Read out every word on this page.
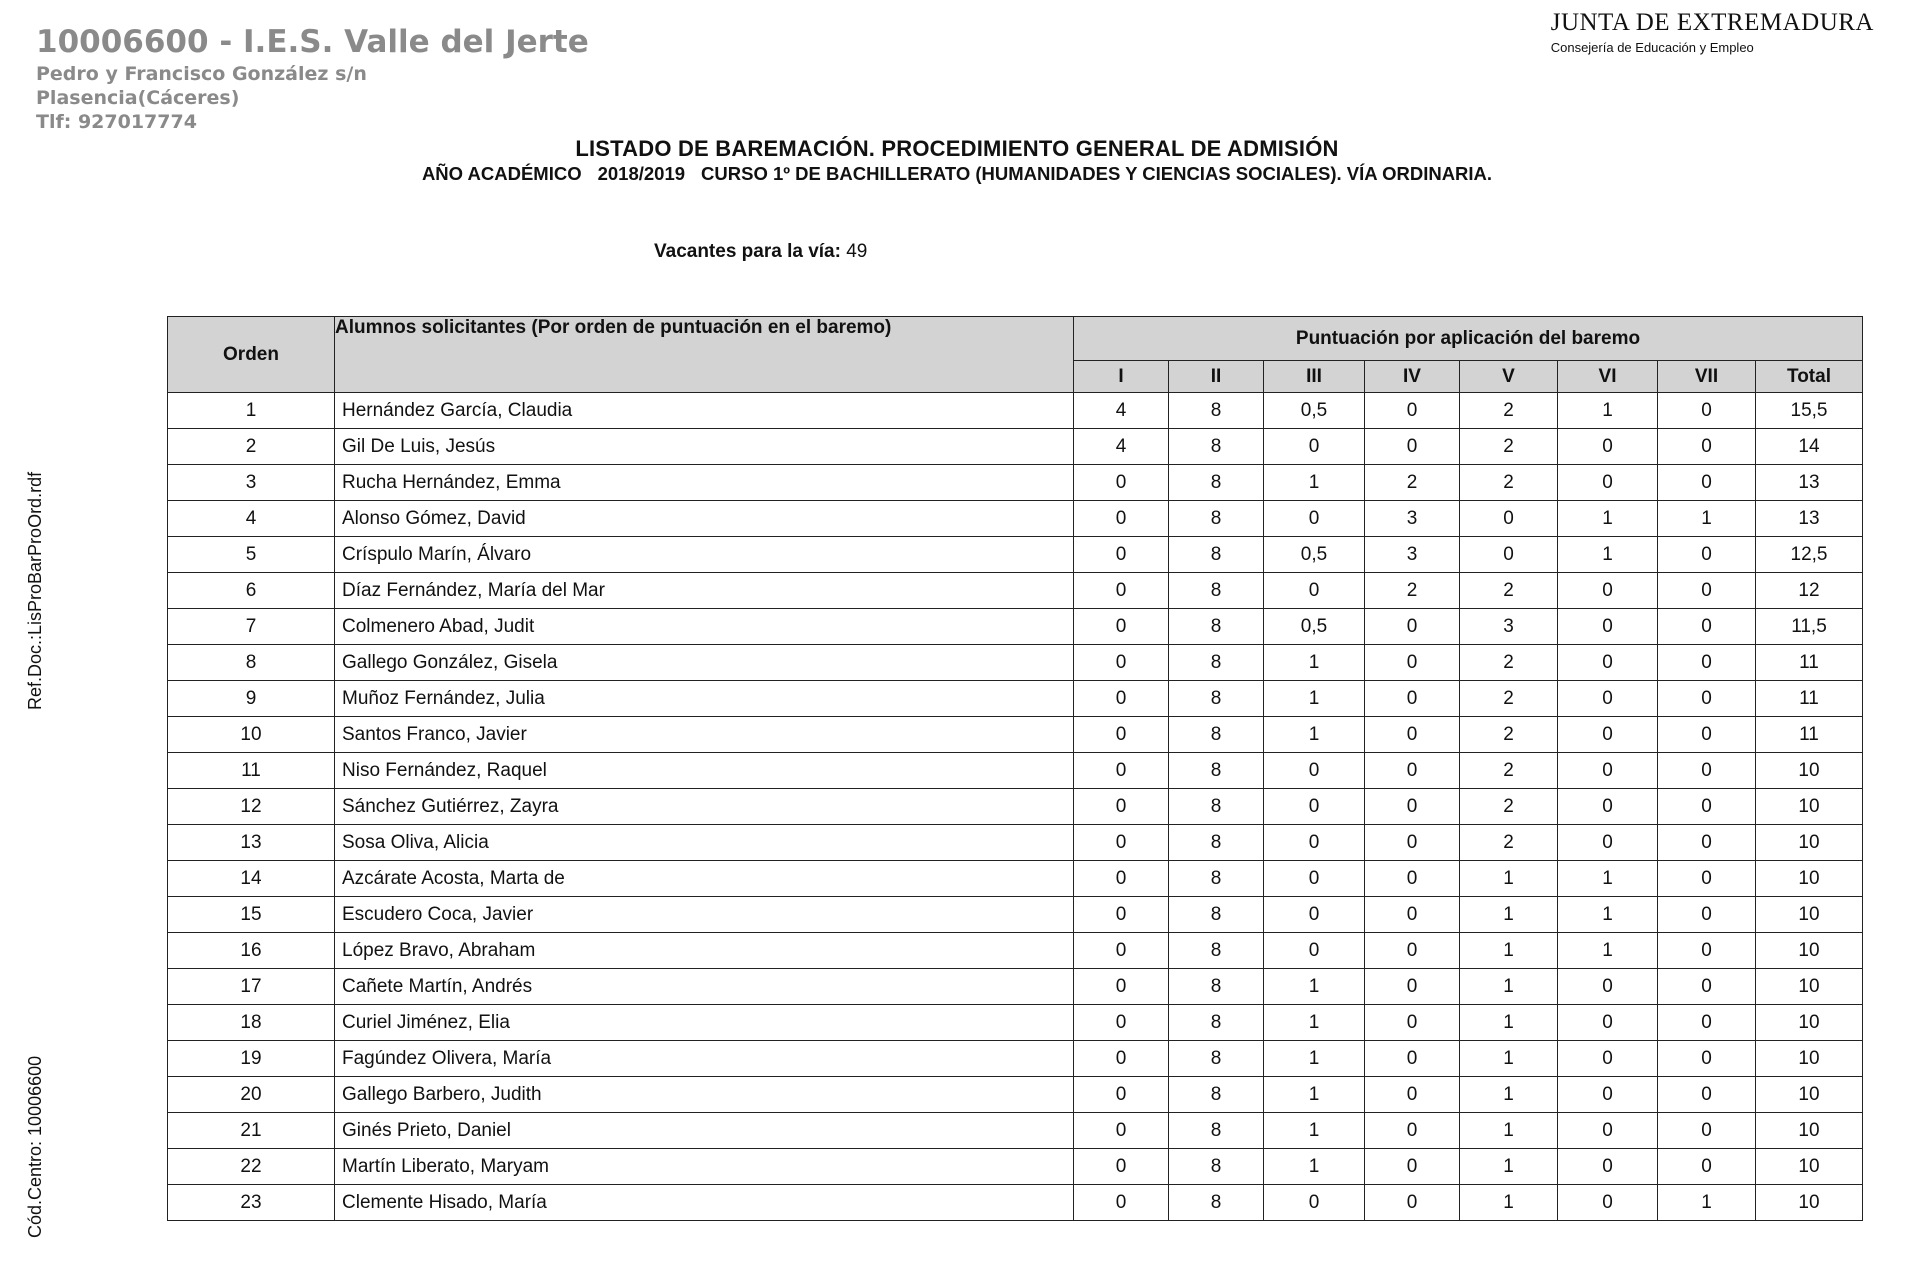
10006600 - I.E.S. Valle del Jerte
Pedro y Francisco González s/n
Plasencia(Cáceres)
Tlf: 927017774
JUNTA DE EXTREMADURA
Consejería de Educación y Empleo
LISTADO DE BAREMACIÓN. PROCEDIMIENTO GENERAL DE ADMISIÓN
AÑO ACADÉMICO 2018/2019 CURSO 1º DE BACHILLERATO (HUMANIDADES Y CIENCIAS SOCIALES). VÍA ORDINARIA.
Vacantes para la vía: 49
Ref.Doc.:LisProBarProOrd.rdf
Cód.Centro: 10006600
Orden	Alumnos solicitantes (Por orden de puntuación en el baremo)	Puntuación por aplicación del baremo							
		I	II	III	IV	V	VI	VII	Total
1	Hernández García, Claudia	4	8	0,5	0	2	1	0	15,5
2	Gil De Luis, Jesús	4	8	0	0	2	0	0	14
3	Rucha Hernández, Emma	0	8	1	2	2	0	0	13
4	Alonso Gómez, David	0	8	0	3	0	1	1	13
5	Críspulo Marín, Álvaro	0	8	0,5	3	0	1	0	12,5
6	Díaz Fernández, María del Mar	0	8	0	2	2	0	0	12
7	Colmenero Abad, Judit	0	8	0,5	0	3	0	0	11,5
8	Gallego González, Gisela	0	8	1	0	2	0	0	11
9	Muñoz Fernández, Julia	0	8	1	0	2	0	0	11
10	Santos Franco, Javier	0	8	1	0	2	0	0	11
11	Niso Fernández, Raquel	0	8	0	0	2	0	0	10
12	Sánchez Gutiérrez, Zayra	0	8	0	0	2	0	0	10
13	Sosa Oliva, Alicia	0	8	0	0	2	0	0	10
14	Azcárate Acosta, Marta de	0	8	0	0	1	1	0	10
15	Escudero Coca, Javier	0	8	0	0	1	1	0	10
16	López Bravo, Abraham	0	8	0	0	1	1	0	10
17	Cañete Martín, Andrés	0	8	1	0	1	0	0	10
18	Curiel Jiménez, Elia	0	8	1	0	1	0	0	10
19	Fagúndez Olivera, María	0	8	1	0	1	0	0	10
20	Gallego Barbero, Judith	0	8	1	0	1	0	0	10
21	Ginés Prieto, Daniel	0	8	1	0	1	0	0	10
22	Martín Liberato, Maryam	0	8	1	0	1	0	0	10
23	Clemente Hisado, María	0	8	0	0	1	0	1	10
